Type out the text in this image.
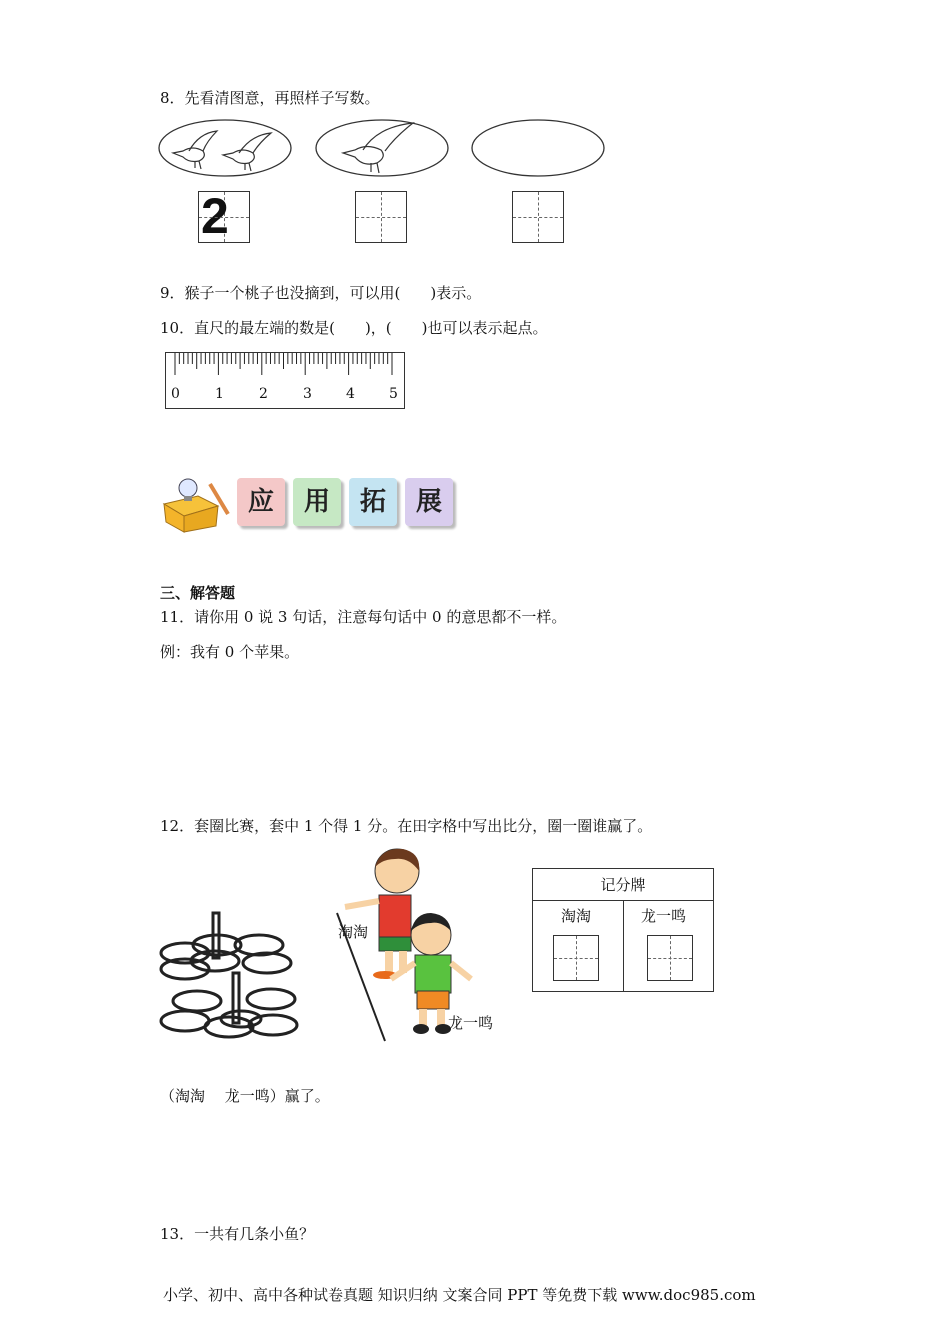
8．先看清图意，再照样子写数。
2
9．猴子一个桃子也没摘到，可以用(　　)表示。
10．直尺的最左端的数是(　　)，(　　)也可以表示起点。
0	1	2	3 4 5
应	用	拓	展
三、解答题
11．请你用 0 说 3 句话，注意每句话中 0 的意思都不一样。
例：我有 0 个苹果。
12．套圈比赛，套中 1 个得 1 分。在田字格中写出比分，圈一圈谁赢了。
淘淘
龙一鸣
记分牌
淘淘	龙一鸣
（淘淘　 龙一鸣）赢了。
13．一共有几条小鱼？
小学、初中、高中各种试卷真题 知识归纳 文案合同 PPT 等免费下载 www.doc985.com
